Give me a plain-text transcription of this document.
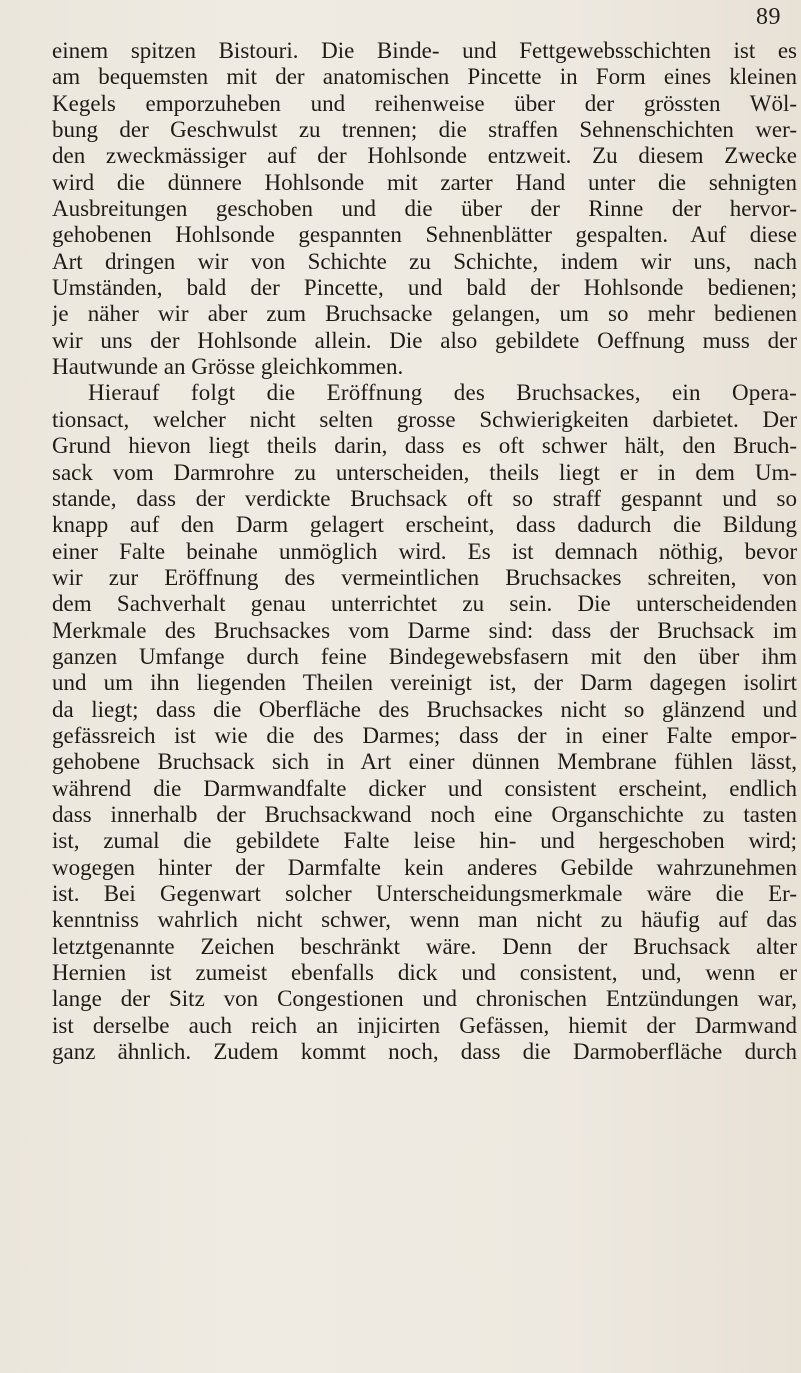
89
einem spitzen Bistouri. Die Binde- und Fettgewebsschichten ist es
am bequemsten mit der anatomischen Pincette in Form eines kleinen
Kegels emporzuheben und reihenweise über der grössten Wöl-
bung der Geschwulst zu trennen; die straffen Sehnenschichten wer-
den zweckmässiger auf der Hohlsonde entzweit. Zu diesem Zwecke
wird die dünnere Hohlsonde mit zarter Hand unter die sehnigten
Ausbreitungen geschoben und die über der Rinne der hervor-
gehobenen Hohlsonde gespannten Sehnenblätter gespalten. Auf diese
Art dringen wir von Schichte zu Schichte, indem wir uns, nach
Umständen, bald der Pincette, und bald der Hohlsonde bedienen;
je näher wir aber zum Bruchsacke gelangen, um so mehr bedienen
wir uns der Hohlsonde allein. Die also gebildete Oeffnung muss der
Hautwunde an Grösse gleichkommen.
Hierauf folgt die Eröffnung des Bruchsackes, ein Opera-
tionsact, welcher nicht selten grosse Schwierigkeiten darbietet. Der
Grund hievon liegt theils darin, dass es oft schwer hält, den Bruch-
sack vom Darmrohre zu unterscheiden, theils liegt er in dem Um-
stande, dass der verdickte Bruchsack oft so straff gespannt und so
knapp auf den Darm gelagert erscheint, dass dadurch die Bildung
einer Falte beinahe unmöglich wird. Es ist demnach nöthig, bevor
wir zur Eröffnung des vermeintlichen Bruchsackes schreiten, von
dem Sachverhalt genau unterrichtet zu sein. Die unterscheidenden
Merkmale des Bruchsackes vom Darme sind: dass der Bruchsack im
ganzen Umfange durch feine Bindegewebsfasern mit den über ihm
und um ihn liegenden Theilen vereinigt ist, der Darm dagegen isolirt
da liegt; dass die Oberfläche des Bruchsackes nicht so glänzend und
gefässreich ist wie die des Darmes; dass der in einer Falte empor-
gehobene Bruchsack sich in Art einer dünnen Membrane fühlen lässt,
während die Darmwandfalte dicker und consistent erscheint, endlich
dass innerhalb der Bruchsackwand noch eine Organschichte zu tasten
ist, zumal die gebildete Falte leise hin- und hergeschoben wird;
wogegen hinter der Darmfalte kein anderes Gebilde wahrzunehmen
ist. Bei Gegenwart solcher Unterscheidungsmerkmale wäre die Er-
kenntniss wahrlich nicht schwer, wenn man nicht zu häufig auf das
letztgenannte Zeichen beschränkt wäre. Denn der Bruchsack alter
Hernien ist zumeist ebenfalls dick und consistent, und, wenn er
lange der Sitz von Congestionen und chronischen Entzündungen war,
ist derselbe auch reich an injicirten Gefässen, hiemit der Darmwand
ganz ähnlich. Zudem kommt noch, dass die Darmoberfläche durch
